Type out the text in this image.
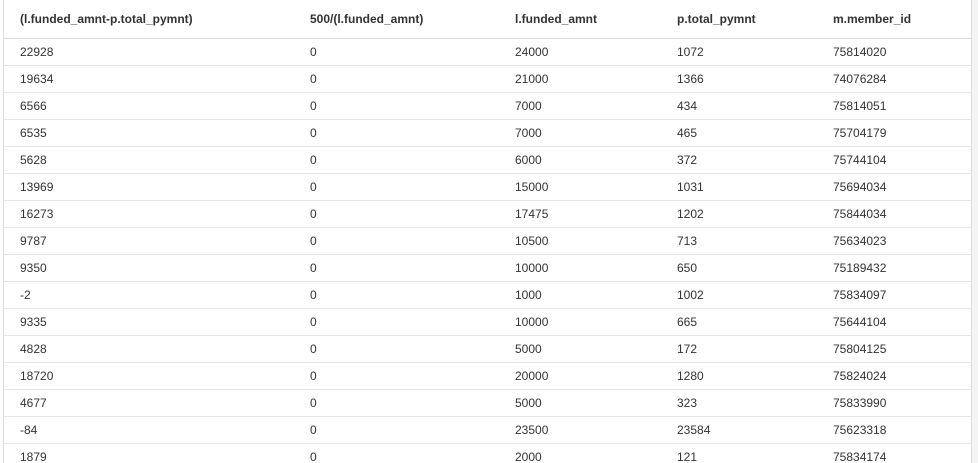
(l.funded_amnt-p.total_pymnt)	500/(l.funded_amnt)	l.funded_amnt	p.total_pymnt	m.member_id
22928	0	24000	1072	75814020
19634	0	21000	1366	74076284
6566	0	7000	434	75814051
6535	0	7000	465	75704179
5628	0	6000	372	75744104
13969	0	15000	1031	75694034
16273	0	17475	1202	75844034
9787	0	10500	713	75634023
9350	0	10000	650	75189432
-2	0	1000	1002	75834097
9335	0	10000	665	75644104
4828	0	5000	172	75804125
18720	0	20000	1280	75824024
4677	0	5000	323	75833990
-84	0	23500	23584	75623318
1879	0	2000	121	75834174
